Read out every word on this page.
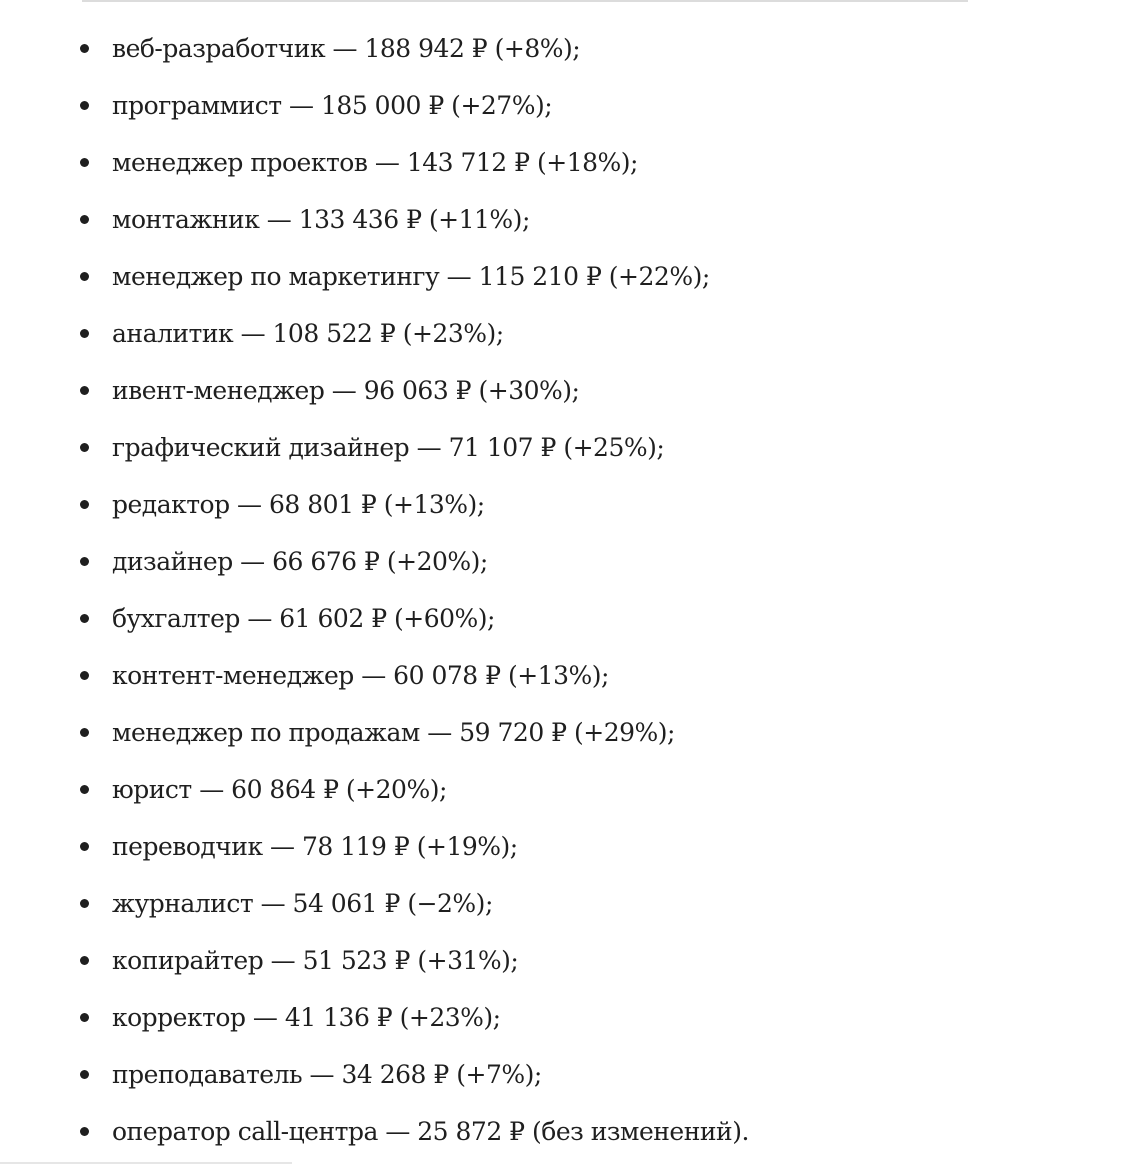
веб-разработчик — 188 942 ₽ (+8%);
программист — 185 000 ₽ (+27%);
менеджер проектов — 143 712 ₽ (+18%);
монтажник — 133 436 ₽ (+11%);
менеджер по маркетингу — 115 210 ₽ (+22%);
аналитик — 108 522 ₽ (+23%);
ивент-менеджер — 96 063 ₽ (+30%);
графический дизайнер — 71 107 ₽ (+25%);
редактор — 68 801 ₽ (+13%);
дизайнер — 66 676 ₽ (+20%);
бухгалтер — 61 602 ₽ (+60%);
контент-менеджер — 60 078 ₽ (+13%);
менеджер по продажам — 59 720 ₽ (+29%);
юрист — 60 864 ₽ (+20%);
переводчик — 78 119 ₽ (+19%);
журналист — 54 061 ₽ (−2%);
копирайтер — 51 523 ₽ (+31%);
корректор — 41 136 ₽ (+23%);
преподаватель — 34 268 ₽ (+7%);
оператор call-центра — 25 872 ₽ (без изменений).
